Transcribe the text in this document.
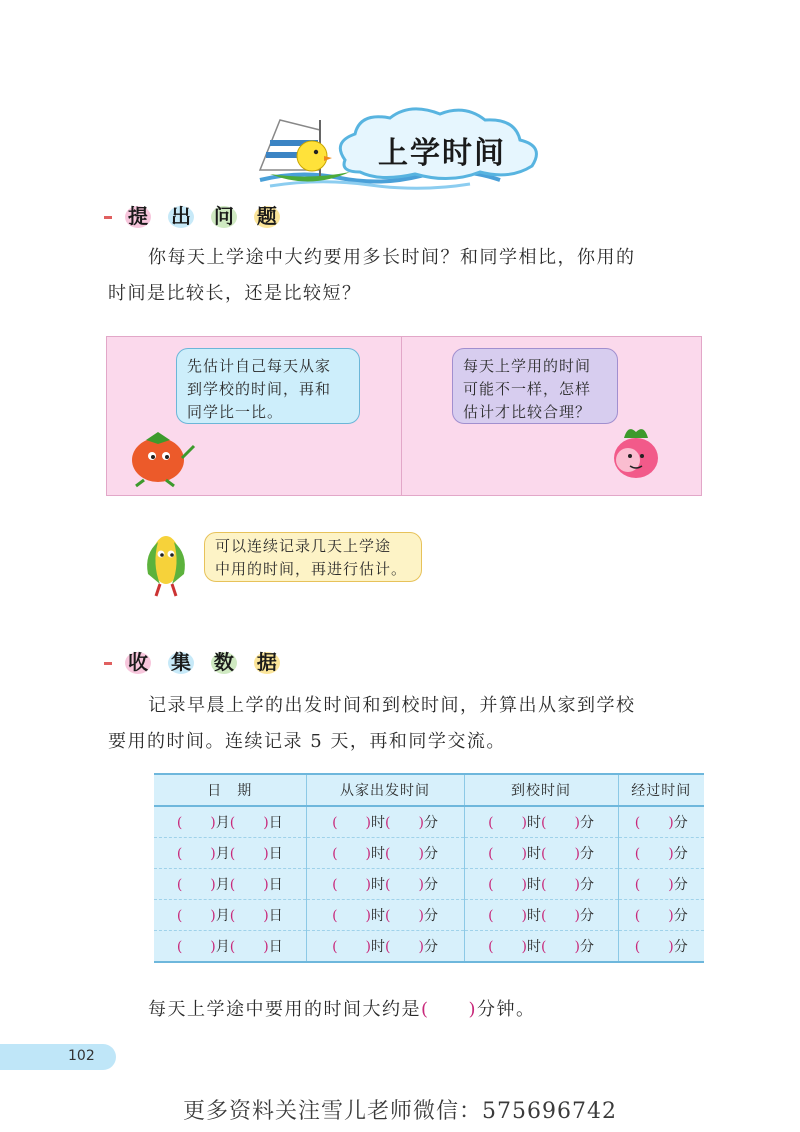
上学时间

提 出 问 题
你每天上学途中大约要用多长时间？和同学相比，你用的
时间是比较长，还是比较短？
先估计自己每天从家
到学校的时间，再和
同学比一比。
每天上学用的时间
可能不一样，怎样
估计才比较合理？
可以连续记录几天上学途
中用的时间，再进行估计。

收 集 数 据
记录早晨上学的出发时间和到校时间，并算出从家到学校
要用的时间。连续记录 5 天，再和同学交流。
日　期	从家出发时间	到校时间	经过时间
(   )月(   )日	(   )时(   )分	(   )时(   )分	(   )分
(   )月(   )日	(   )时(   )分	(   )时(   )分	(   )分
(   )月(   )日	(   )时(   )分	(   )时(   )分	(   )分
(   )月(   )日	(   )时(   )分	(   )时(   )分	(   )分
(   )月(   )日	(   )时(   )分	(   )时(   )分	(   )分
每天上学途中要用的时间大约是(  )分钟。
102
更多资料关注雪儿老师微信：575696742
